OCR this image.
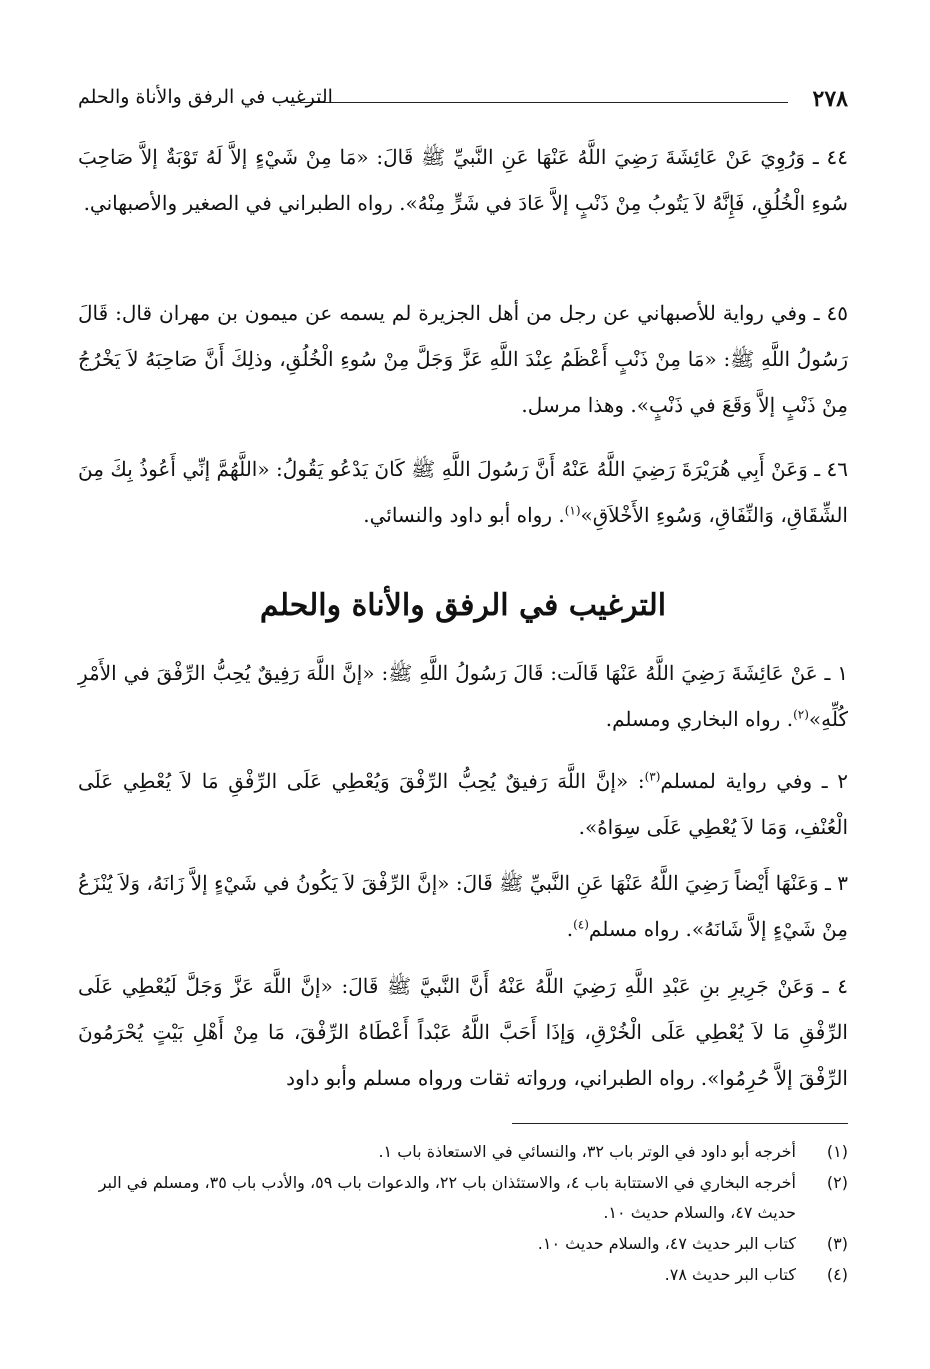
٢٧٨
الترغيب في الرفق والأناة والحلم
٤٤ ـ وَرُوِيَ عَنْ عَائِشَةَ رَضِيَ اللَّهُ عَنْهَا عَنِ النَّبيِّ ﷺ قَالَ: «مَا مِنْ شَيْءٍ إلاَّ لَهُ تَوْبَةٌ إلاَّ صَاحِبَ سُوءِ الْخُلُقِ، فَإِنَّهُ لاَ يَتُوبُ مِنْ ذَنْبٍ إلاَّ عَادَ في شَرٍّ مِنْهُ». رواه الطبراني في الصغير والأصبهاني.
٤٥ ـ وفي رواية للأصبهاني عن رجل من أهل الجزيرة لم يسمه عن ميمون بن مهران قال: قَالَ رَسُولُ اللَّهِ ﷺ: «مَا مِنْ ذَنْبٍ أَعْظَمُ عِنْدَ اللَّهِ عَزَّ وَجَلَّ مِنْ سُوءِ الْخُلُقِ، وذلِكَ أَنَّ صَاحِبَهُ لاَ يَخْرُجُ مِنْ ذَنْبٍ إلاَّ وَقَعَ في ذَنْبٍ». وهذا مرسل.
٤٦ ـ وَعَنْ أَبِي هُرَيْرَةَ رَضِيَ اللَّهُ عَنْهُ أَنَّ رَسُولَ اللَّهِ ﷺ كَانَ يَدْعُو يَقُولُ: «اللَّهُمَّ إنِّي أَعُوذُ بِكَ مِنَ الشِّقَاقِ، وَالنِّفَاقِ، وَسُوءِ الأَخْلاَقِ»$^{(١)}$. رواه أبو داود والنسائي.
الترغيب في الرفق والأناة والحلم
١ ـ عَنْ عَائِشَةَ رَضِيَ اللَّهُ عَنْهَا قَالَت: قَالَ رَسُولُ اللَّهِ ﷺ: «إنَّ اللَّهَ رَفِيقٌ يُحِبُّ الرِّفْقَ في الأَمْرِ كُلِّهِ»$^{(٢)}$. رواه البخاري ومسلم.
٢ ـ وفي رواية لمسلم$^{(٣)}$: «إنَّ اللَّهَ رَفيقٌ يُحِبُّ الرِّفْقَ وَيُعْطِي عَلَى الرِّفْقِ مَا لاَ يُعْطِي عَلَى الْعُنْفِ، وَمَا لاَ يُعْطِي عَلَى سِوَاهُ».
٣ ـ وَعَنْهَا أَيْضاً رَضِيَ اللَّهُ عَنْهَا عَنِ النَّبيِّ ﷺ قَالَ: «إنَّ الرِّفْقَ لاَ يَكُونُ في شَيْءٍ إلاَّ زَانَهُ، وَلاَ يُنْزَعُ مِنْ شَيْءٍ إلاَّ شَانَهُ». رواه مسلم$^{(٤)}$.
٤ ـ وَعَنْ جَرِيرِ بنِ عَبْدِ اللَّهِ رَضِيَ اللَّهُ عَنْهُ أَنَّ النَّبيَّ ﷺ قَالَ: «إنَّ اللَّهَ عَزَّ وَجَلَّ لَيُعْطِي عَلَى الرِّفْقِ مَا لاَ يُعْطِي عَلَى الْخُرْقِ، وَإذَا أَحَبَّ اللَّهُ عَبْداً أَعْطَاهُ الرِّفْقَ، مَا مِنْ أَهْلِ بَيْتٍ يُحْرَمُونَ الرِّفْقَ إلاَّ حُرِمُوا». رواه الطبراني، ورواته ثقات ورواه مسلم وأبو داود
(١)
أخرجه أبو داود في الوتر باب ٣٢، والنسائي في الاستعاذة باب ١.
(٢)
أخرجه البخاري في الاستتابة باب ٤، والاستئذان باب ٢٢، والدعوات باب ٥٩، والأدب باب ٣٥، ومسلم في البر حديث ٤٧، والسلام حديث ١٠.
(٣)
كتاب البر حديث ٤٧، والسلام حديث ١٠.
(٤)
كتاب البر حديث ٧٨.
